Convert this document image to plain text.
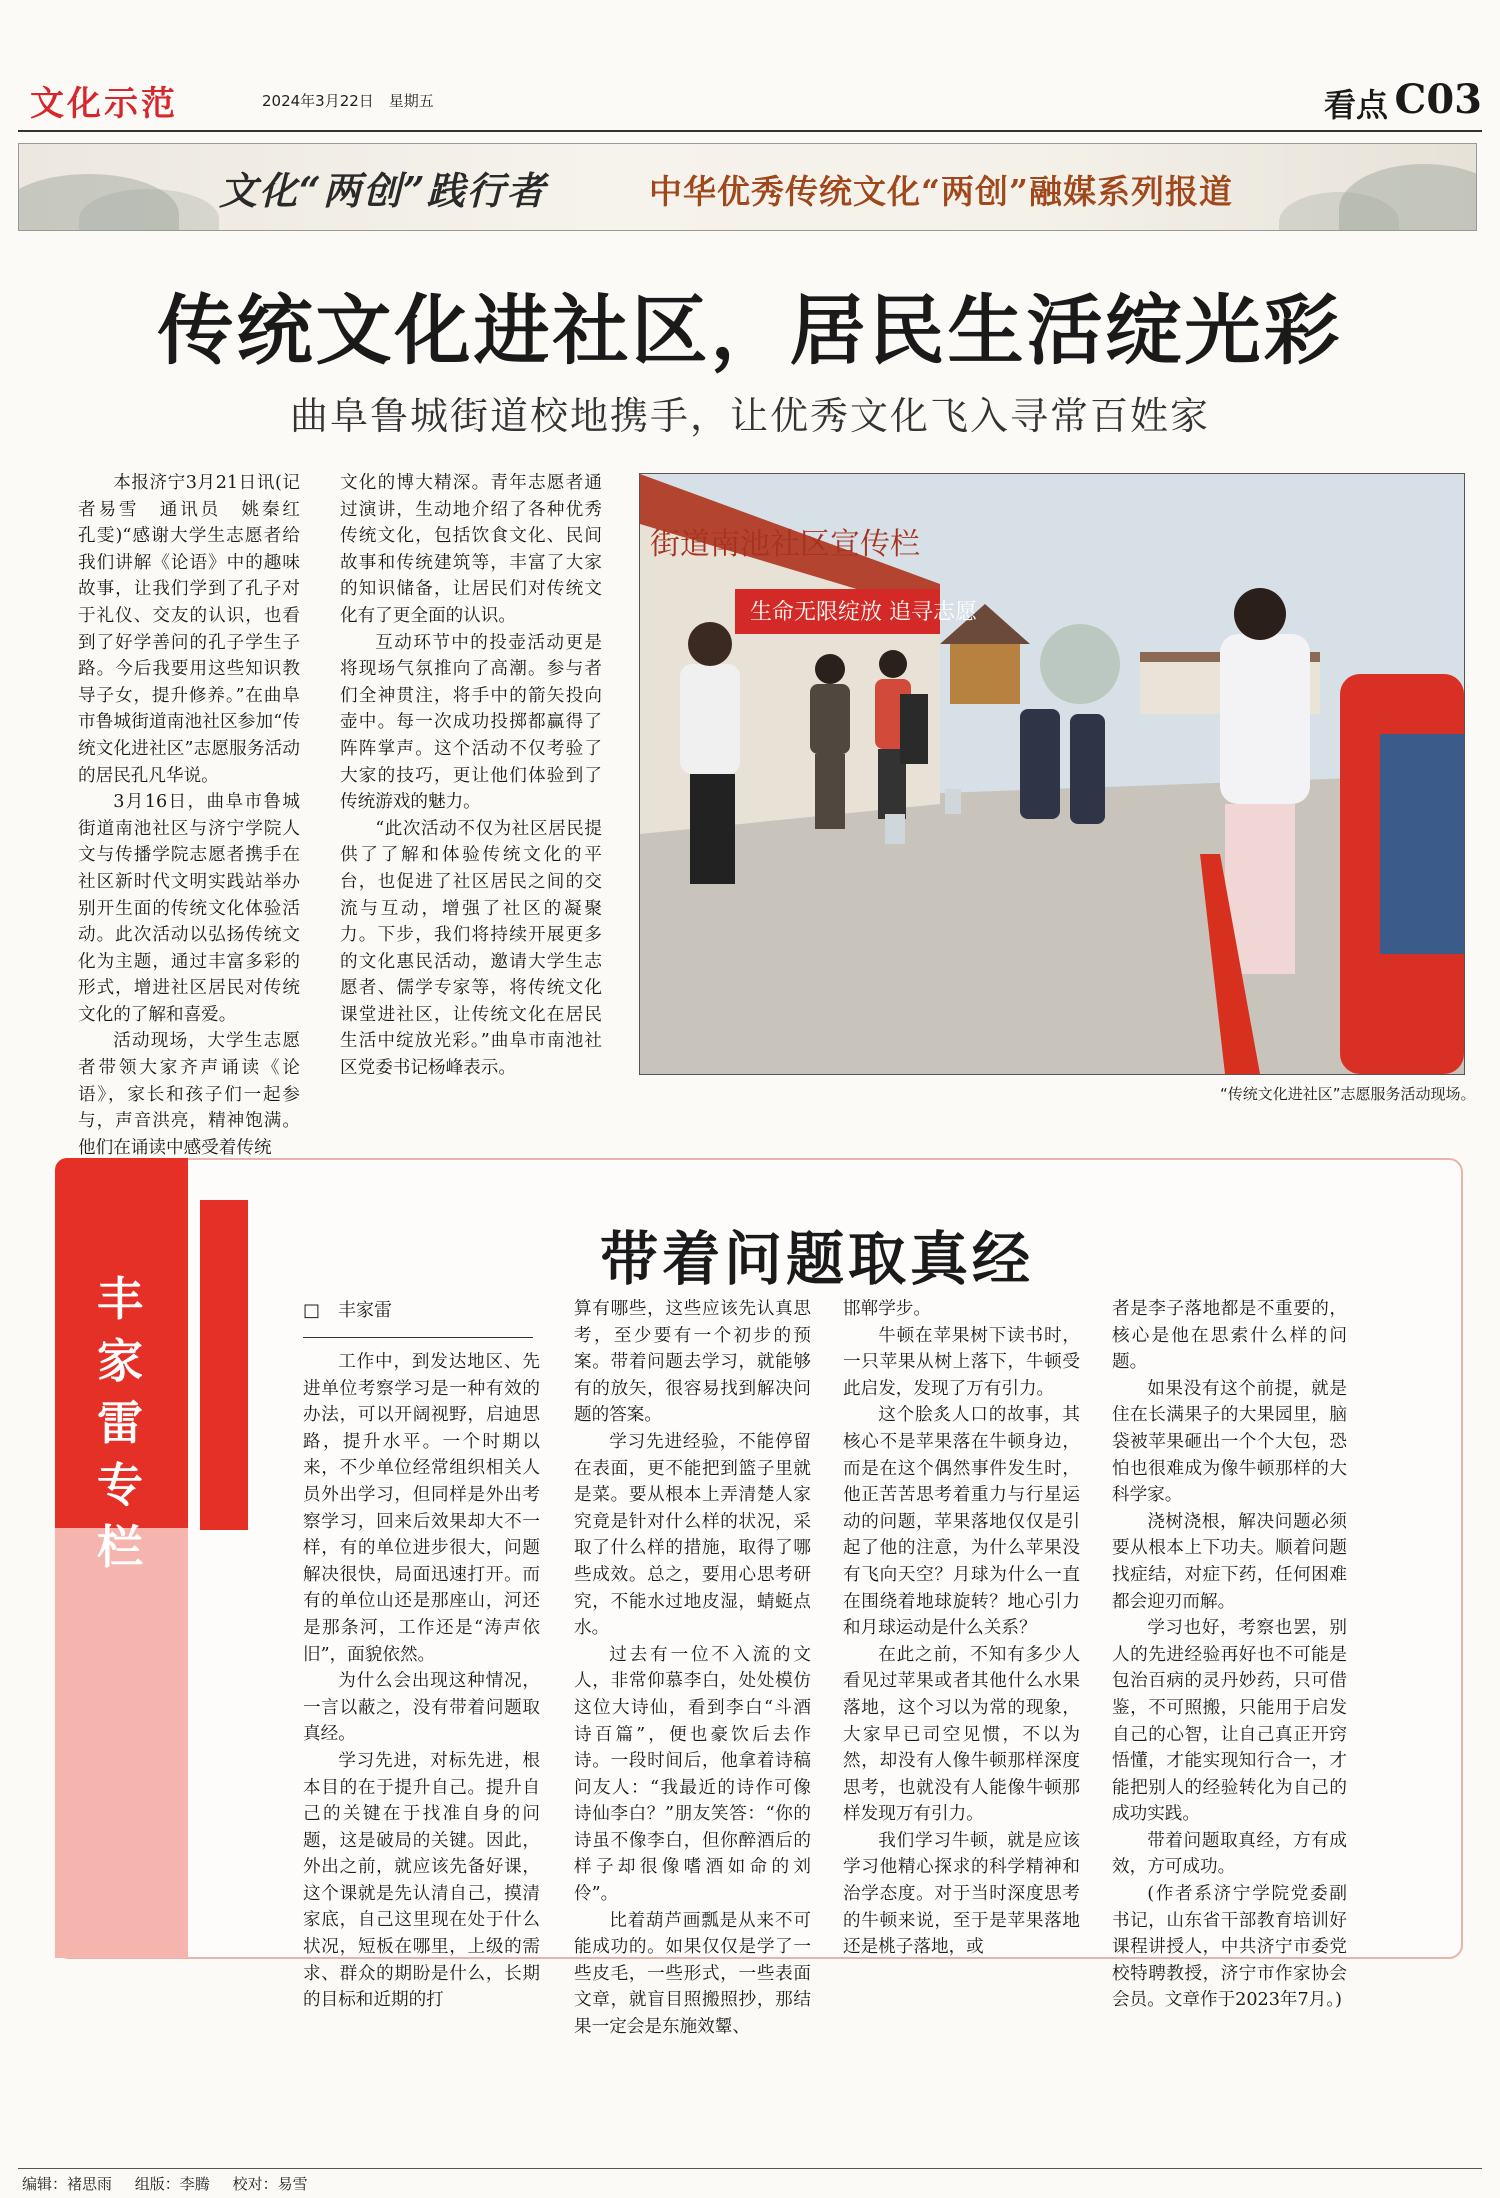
文化示范	2024年3月22日　星期五	看点 C03
文化“两创”践行者	中华优秀传统文化“两创”融媒系列报道
传统文化进社区，居民生活绽光彩
曲阜鲁城街道校地携手，让优秀文化飞入寻常百姓家

本报济宁3月21日讯(记者易雪　通讯员　姚秦红　孔雯)“感谢大学生志愿者给我们讲解《论语》中的趣味故事，让我们学到了孔子对于礼仪、交友的认识，也看到了好学善问的孔子学生子路。今后我要用这些知识教导子女，提升修养。”在曲阜市鲁城街道南池社区参加“传统文化进社区”志愿服务活动的居民孔凡华说。

3月16日，曲阜市鲁城街道南池社区与济宁学院人文与传播学院志愿者携手在社区新时代文明实践站举办别开生面的传统文化体验活动。此次活动以弘扬传统文化为主题，通过丰富多彩的形式，增进社区居民对传统文化的了解和喜爱。

活动现场，大学生志愿者带领大家齐声诵读《论语》，家长和孩子们一起参与，声音洪亮，精神饱满。他们在诵读中感受着传统

文化的博大精深。青年志愿者通过演讲，生动地介绍了各种优秀传统文化，包括饮食文化、民间故事和传统建筑等，丰富了大家的知识储备，让居民们对传统文化有了更全面的认识。

互动环节中的投壶活动更是将现场气氛推向了高潮。参与者们全神贯注，将手中的箭矢投向壶中。每一次成功投掷都赢得了阵阵掌声。这个活动不仅考验了大家的技巧，更让他们体验到了传统游戏的魅力。

“此次活动不仅为社区居民提供了了解和体验传统文化的平台，也促进了社区居民之间的交流与互动，增强了社区的凝聚力。下步，我们将持续开展更多的文化惠民活动，邀请大学生志愿者、儒学专家等，将传统文化课堂进社区，让传统文化在居民生活中绽放光彩。”曲阜市南池社区党委书记杨峰表示。

生命无限绽放 追寻志愿
街道南池社区宣传栏
“传统文化进社区”志愿服务活动现场。
丰家雷专栏
带着问题取真经
□　丰家雷

工作中，到发达地区、先进单位考察学习是一种有效的办法，可以开阔视野，启迪思路，提升水平。一个时期以来，不少单位经常组织相关人员外出学习，但同样是外出考察学习，回来后效果却大不一样，有的单位进步很大，问题解决很快，局面迅速打开。而有的单位山还是那座山，河还是那条河，工作还是“涛声依旧”，面貌依然。

为什么会出现这种情况，一言以蔽之，没有带着问题取真经。

学习先进，对标先进，根本目的在于提升自己。提升自己的关键在于找准自身的问题，这是破局的关键。因此，外出之前，就应该先备好课，这个课就是先认清自己，摸清家底，自己这里现在处于什么状况，短板在哪里，上级的需求、群众的期盼是什么，长期的目标和近期的打

算有哪些，这些应该先认真思考，至少要有一个初步的预案。带着问题去学习，就能够有的放矢，很容易找到解决问题的答案。

学习先进经验，不能停留在表面，更不能把到篮子里就是菜。要从根本上弄清楚人家究竟是针对什么样的状况，采取了什么样的措施，取得了哪些成效。总之，要用心思考研究，不能水过地皮湿，蜻蜓点水。

过去有一位不入流的文人，非常仰慕李白，处处模仿这位大诗仙，看到李白“斗酒诗百篇”，便也豪饮后去作诗。一段时间后，他拿着诗稿问友人：“我最近的诗作可像诗仙李白？”朋友笑答：“你的诗虽不像李白，但你醉酒后的样子却很像嗜酒如命的刘伶”。

比着葫芦画瓢是从来不可能成功的。如果仅仅是学了一些皮毛，一些形式，一些表面文章，就盲目照搬照抄，那结果一定会是东施效颦、

邯郸学步。

牛顿在苹果树下读书时，一只苹果从树上落下，牛顿受此启发，发现了万有引力。

这个脍炙人口的故事，其核心不是苹果落在牛顿身边，而是在这个偶然事件发生时，他正苦苦思考着重力与行星运动的问题，苹果落地仅仅是引起了他的注意，为什么苹果没有飞向天空？月球为什么一直在围绕着地球旋转？地心引力和月球运动是什么关系？

在此之前，不知有多少人看见过苹果或者其他什么水果落地，这个习以为常的现象，大家早已司空见惯，不以为然，却没有人像牛顿那样深度思考，也就没有人能像牛顿那样发现万有引力。

我们学习牛顿，就是应该学习他精心探求的科学精神和治学态度。对于当时深度思考的牛顿来说，至于是苹果落地还是桃子落地，或

者是李子落地都是不重要的，核心是他在思索什么样的问题。

如果没有这个前提，就是住在长满果子的大果园里，脑袋被苹果砸出一个个大包，恐怕也很难成为像牛顿那样的大科学家。

浇树浇根，解决问题必须要从根本上下功夫。顺着问题找症结，对症下药，任何困难都会迎刃而解。

学习也好，考察也罢，别人的先进经验再好也不可能是包治百病的灵丹妙药，只可借鉴，不可照搬，只能用于启发自己的心智，让自己真正开窍悟懂，才能实现知行合一，才能把别人的经验转化为自己的成功实践。

带着问题取真经，方有成效，方可成功。

(作者系济宁学院党委副书记，山东省干部教育培训好课程讲授人，中共济宁市委党校特聘教授，济宁市作家协会会员。文章作于2023年7月。)

编辑：褚思雨 组版：李腾 校对：易雪
